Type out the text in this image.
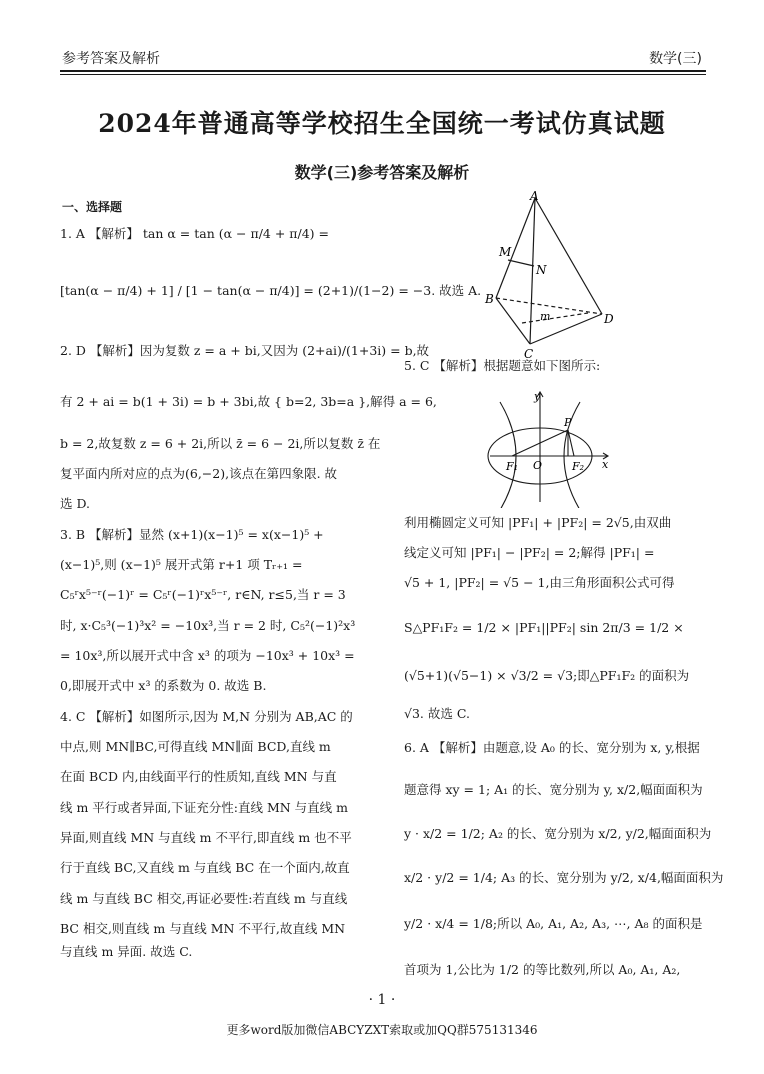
参考答案及解析	数学(三)
2024年普通高等学校招生全国统一考试仿真试题
数学(三)参考答案及解析
一、选择题
1. A 【解析】 tan α = tan (α − π/4 + π/4) =
[tan(α − π/4) + 1] / [1 − tan(α − π/4)] = (2+1)/(1−2) = −3. 故选 A.
2. D 【解析】因为复数 z = a + bi,又因为 (2+ai)/(1+3i) = b,故
有 2 + ai = b(1 + 3i) = b + 3bi,故 { b=2, 3b=a },解得 a = 6,
b = 2,故复数 z = 6 + 2i,所以 z̄ = 6 − 2i,所以复数 z̄ 在
复平面内所对应的点为(6,−2),该点在第四象限. 故
选 D.
3. B 【解析】显然 (x+1)(x−1)⁵ = x(x−1)⁵ +
(x−1)⁵,则 (x−1)⁵ 展开式第 r+1 项 Tᵣ₊₁ =
C₅ʳx⁵⁻ʳ(−1)ʳ = C₅ʳ(−1)ʳx⁵⁻ʳ, r∈N, r≤5,当 r = 3
时, x·C₅³(−1)³x² = −10x³,当 r = 2 时, C₅²(−1)²x³
= 10x³,所以展开式中含 x³ 的项为 −10x³ + 10x³ =
0,即展开式中 x³ 的系数为 0. 故选 B.
4. C 【解析】如图所示,因为 M,N 分别为 AB,AC 的
中点,则 MN∥BC,可得直线 MN∥面 BCD,直线 m
在面 BCD 内,由线面平行的性质知,直线 MN 与直
线 m 平行或者异面,下证充分性:直线 MN 与直线 m
异面,则直线 MN 与直线 m 不平行,即直线 m 也不平
行于直线 BC,又直线 m 与直线 BC 在一个面内,故直
线 m 与直线 BC 相交,再证必要性:若直线 m 与直线
BC 相交,则直线 m 与直线 MN 不平行,故直线 MN
与直线 m 异面. 故选 C.
A
M
N
B
m	D
C
5. C 【解析】根据题意如下图所示:
y
P
F₁ O	F₂ x
利用椭圆定义可知 |PF₁| + |PF₂| = 2√5,由双曲
线定义可知 |PF₁| − |PF₂| = 2;解得 |PF₁| =
√5 + 1, |PF₂| = √5 − 1,由三角形面积公式可得
S△PF₁F₂ = 1/2 × |PF₁||PF₂| sin 2π/3 = 1/2 ×
(√5+1)(√5−1) × √3/2 = √3;即△PF₁F₂ 的面积为
√3. 故选 C.
6. A 【解析】由题意,设 A₀ 的长、宽分别为 x, y,根据
题意得 xy = 1; A₁ 的长、宽分别为 y, x/2,幅面面积为
y · x/2 = 1/2; A₂ 的长、宽分别为 x/2, y/2,幅面面积为
x/2 · y/2 = 1/4; A₃ 的长、宽分别为 y/2, x/4,幅面面积为
y/2 · x/4 = 1/8;所以 A₀, A₁, A₂, A₃, ⋯, A₈ 的面积是
首项为 1,公比为 1/2 的等比数列,所以 A₀, A₁, A₂,
· 1 ·
更多word版加微信ABCYZXT索取或加QQ群575131346
